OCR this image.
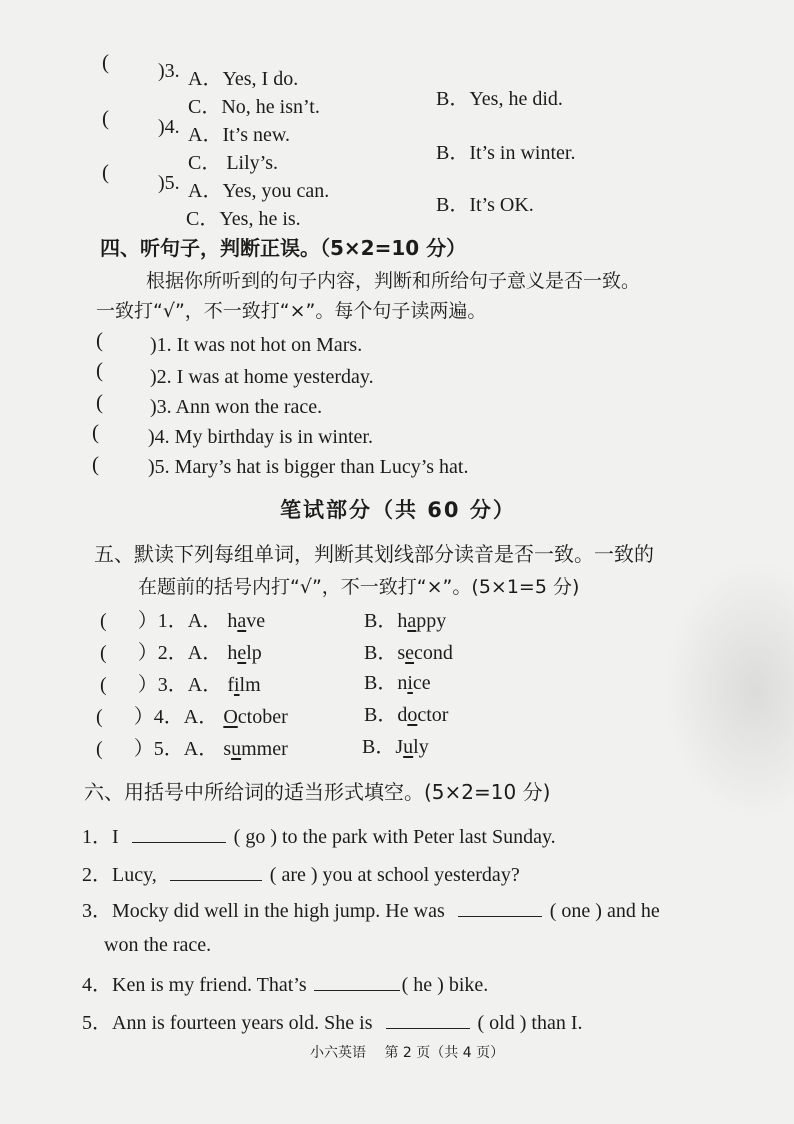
( )3. A．Yes, I do.
B．Yes, he did.
C．No, he isn’t.
( )4. A．It’s new.
B．It’s in winter.
C． Lily’s.
( )5. A．Yes, you can.
B．It’s OK.
C．Yes, he is.
四、听句子，判断正误。（5×2=10 分）
根据你所听到的句子内容，判断和所给句子意义是否一致。
一致打“√”，不一致打“×”。每个句子读两遍。
( )1. It was not hot on Mars.
( )2. I was at home yesterday.
( )3. Ann won the race.
( )4. My birthday is in winter.
( )5. Mary’s hat is bigger than Lucy’s hat.
笔试部分（共 60 分）
五、默读下列每组单词，判断其划线部分读音是否一致。一致的
在题前的括号内打“√”，不一致打“×”。(5×1=5 分)
( ）1．A． have	B．happy
( ）2．A． help	B．second
( ）3．A． film	B．nice
( ）4．A． October	B．doctor
( ）5．A． summer	B．July
六、用括号中所给词的适当形式填空。(5×2=10 分)
1．I	( go ) to the park with Peter last Sunday.
2．Lucy,	( are ) you at school yesterday?
3．Mocky did well in the high jump. He was	( one ) and he
won the race.
4．Ken is my friend. That’s	( he ) bike.
5．Ann is fourteen years old. She is	( old ) than I.
小六英语 第 2 页（共 4 页）
